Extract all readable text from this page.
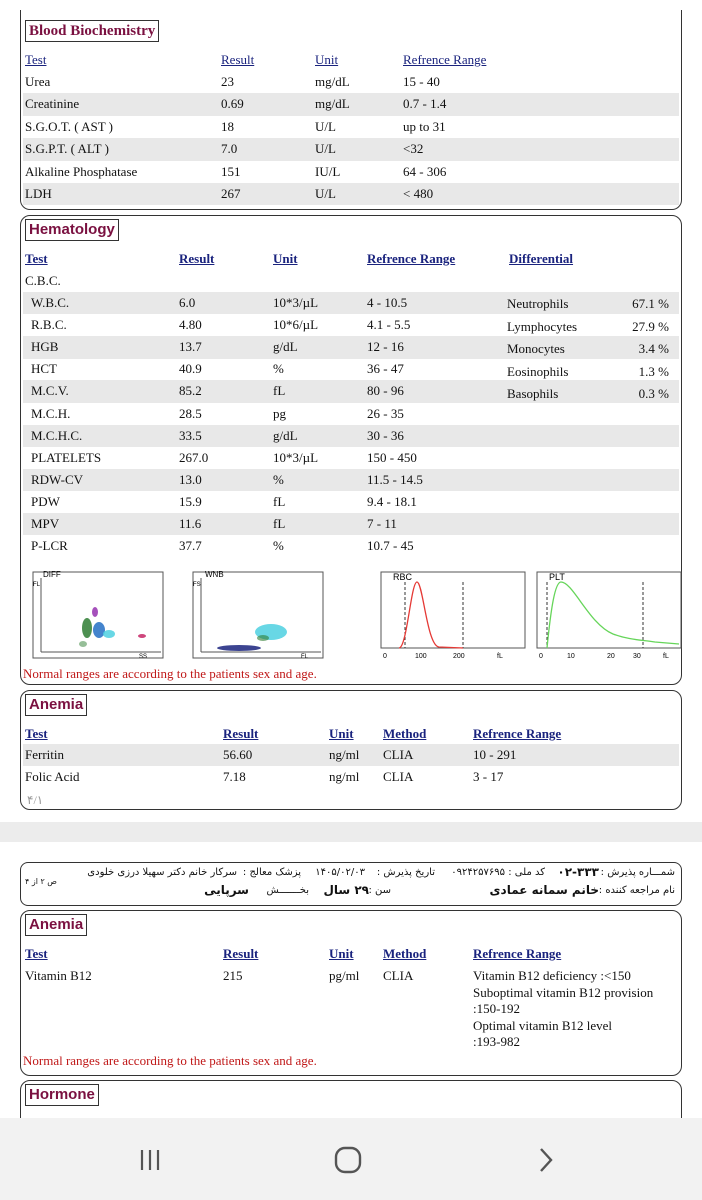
Blood Biochemistry
Test	Result	Unit	Refrence Range
Urea	23	mg/dL	15 - 40
Creatinine	0.69	mg/dL	0.7 - 1.4
S.G.O.T. ( AST )	18	U/L	up to 31
S.G.P.T. ( ALT )	7.0	U/L	<32
Alkaline Phosphatase	151	IU/L	64 - 306
LDH	267	U/L	< 480
Hematology
Test	Result	Unit	Refrence Range	Differential
C.B.C.
W.B.C.	6.0	10*3/µL	4 - 10.5
R.B.C.	4.80	10*6/µL	4.1 - 5.5
HGB	13.7	g/dL	12 - 16
HCT	40.9	%	36 - 47
M.C.V.	85.2	fL	80 - 96
M.C.H.	28.5	pg	26 - 35
M.C.H.C.	33.5	g/dL	30 - 36
PLATELETS	267.0	10*3/µL	150 - 450
RDW-CV	13.0	%	11.5 - 14.5
PDW	15.9	fL	9.4 - 18.1
MPV	11.6	fL	7 - 11
P-LCR	37.7	%	10.7 - 45
Neutrophils	67.1 %
Lymphocytes	27.9 %
Monocytes	3.4 %
Eosinophils	1.3 %
Basophils	0.3 %
DIFF
FL
SS
WNB
FS
FL
RBC
0	100	200	fL
PLT
0	10	20	30	fL
Normal ranges are according to the patients sex and age.
Anemia
Test	Result	Unit Method	Refrence Range
Ferritin	56.60	ng/ml CLIA	10 - 291
Folic Acid	7.18	ng/ml CLIA	3 - 17
۴/۱
شمـــاره پذیرش :
۰۲-۳۳۳
کد ملی :
۰۹۲۴۲۵۷۶۹۵
تاریخ پذیرش :
۱۴۰۵/۰۲/۰۳
پزشک معالج :
سرکار خانم دکتر سهیلا درزی خلودی
نام مراجعه کننده :
خانم سمانه عمادی
سن :
۲۹ سال
بخـــــــش
سرپایی
ص ۲ از ۴
Anemia
Test	Result	Unit Method	Refrence Range
Vitamin B12	215	pg/ml CLIA	Vitamin B12 deficiency :<150
Suboptimal vitamin B12 provision
:150-192
Optimal vitamin B12 level
:193-982
Normal ranges are according to the patients sex and age.
Hormone
